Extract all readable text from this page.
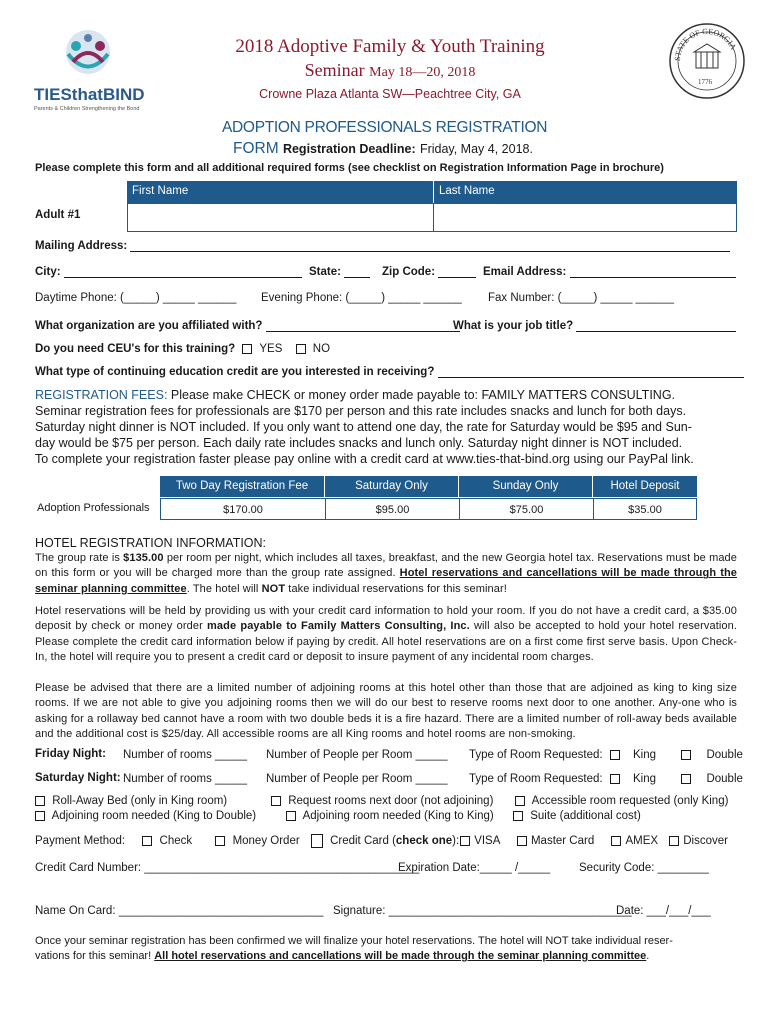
TIESthatBIND
Parents & Children Strengthening the Bond
2018 Adoptive Family & Youth Training
Seminar May 18—20, 2018
Crowne Plaza Atlanta SW—Peachtree City, GA
STATE OF GEORGIA
1776
ADOPTION PROFESSIONALS REGISTRATION
FORM Registration Deadline: Friday, May 4, 2018.
Please complete this form and all additional required forms (see checklist on Registration Information Page in brochure)
First Name	Last Name
Adult #1
Mailing Address:
City:	State:	Zip Code:	Email Address:
Daytime Phone: (_____) _____ ______ Evening Phone: (_____) _____ ______ Fax Number: (_____) _____ ______
What organization are you affiliated with?	What is your job title?
Do you need CEU's for this training? YES	NO
What type of continuing education credit are you interested in receiving?
REGISTRATION FEES: Please make CHECK or money order made payable to: FAMILY MATTERS CONSULTING.
Seminar registration fees for professionals are $170 per person and this rate includes snacks and lunch for both days.
Saturday night dinner is NOT included. If you only want to attend one day, the rate for Saturday would be $95 and Sun-
day would be $75 per person. Each daily rate includes snacks and lunch only. Saturday night dinner is NOT included.
To complete your registration faster please pay online with a credit card at www.ties-that-bind.org using our PayPal link.
Two Day Registration Fee	Saturday Only	Sunday Only	Hotel Deposit
Adoption Professionals	$170.00	$95.00	$75.00	$35.00
HOTEL REGISTRATION INFORMATION:
The group rate is $135.00 per room per night, which includes all taxes, breakfast, and the new Georgia hotel tax. Reservations must be made on this form or you will be charged more than the group rate assigned. Hotel reservations and cancellations will be made through the seminar planning committee. The hotel will NOT take individual reservations for this seminar!
Hotel reservations will be held by providing us with your credit card information to hold your room. If you do not have a credit card, a $35.00 deposit by check or money order made payable to Family Matters Consulting, Inc. will also be accepted to hold your hotel reservation. Please complete the credit card information below if paying by credit. All hotel reservations are on a first come first serve basis. Upon Check-In, the hotel will require you to present a credit card or deposit to insure payment of any incidental room charges.
Please be advised that there are a limited number of adjoining rooms at this hotel other than those that are adjoined as king to king size rooms. If we are not able to give you adjoining rooms then we will do our best to reserve rooms next door to one another. Any-one who is asking for a rollaway bed cannot have a room with two double beds it is a fire hazard. There are a limited number of roll-away beds available and the additional cost is $25/day. All accessible rooms are all King rooms and hotel rooms are non-smoking.
Friday Night: Number of rooms _____ Number of People per Room _____ Type of Room Requested:	King	Double
Saturday Night: Number of rooms _____ Number of People per Room _____ Type of Room Requested:	King	Double
Roll-Away Bed (only in King room)	Request rooms next door (not adjoining)	Accessible room requested (only King)
Adjoining room needed (King to Double)	Adjoining room needed (King to King)	Suite (additional cost)
Payment Method:	Check	Money Order	Credit Card (check one): VISA	Master Card	AMEX Discover
Credit Card Number: ___________________________________________
Expiration Date:_____ /_____	Security Code: ________
Name On Card: ________________________________ Signature: ______________________________________
Date: ___/___/___
Once your seminar registration has been confirmed we will finalize your hotel reservations. The hotel will NOT take individual reser-
vations for this seminar! All hotel reservations and cancellations will be made through the seminar planning committee.
